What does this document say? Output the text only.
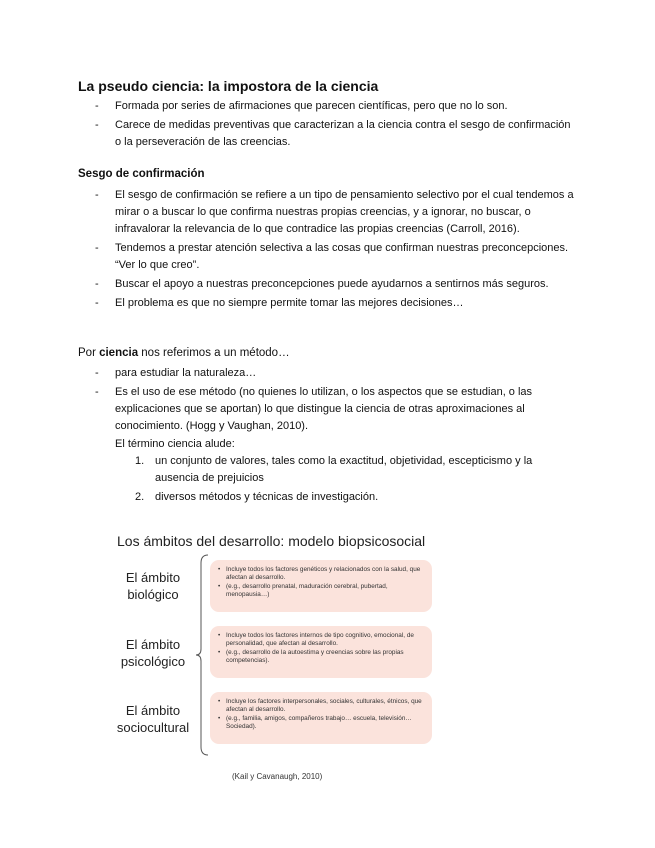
La pseudo ciencia: la impostora de la ciencia
- Formada por series de afirmaciones que parecen científicas, pero que no lo son.
- Carece de medidas preventivas que caracterizan a la ciencia contra el sesgo de confirmación o la perseveración de las creencias.
Sesgo de confirmación
- El sesgo de confirmación se refiere a un tipo de pensamiento selectivo por el cual tendemos a mirar o a buscar lo que confirma nuestras propias creencias, y a ignorar, no buscar, o infravalorar la relevancia de lo que contradice las propias creencias (Carroll, 2016).
- Tendemos a prestar atención selectiva a las cosas que confirman nuestras preconcepciones. “Ver lo que creo”.
- Buscar el apoyo a nuestras preconcepciones puede ayudarnos a sentirnos más seguros.
- El problema es que no siempre permite tomar las mejores decisiones…
Por ciencia nos referimos a un método…
- para estudiar la naturaleza…
- Es el uso de ese método (no quienes lo utilizan, o los aspectos que se estudian, o las explicaciones que se aportan) lo que distingue la ciencia de otras aproximaciones al conocimiento. (Hogg y Vaughan, 2010).
El término ciencia alude:
1. un conjunto de valores, tales como la exactitud, objetividad, escepticismo y la ausencia de prejuicios
2. diversos métodos y técnicas de investigación.
Los ámbitos del desarrollo: modelo biopsicosocial
El ámbito
biológico
• Incluye todos los factores genéticos y relacionados con la salud, que afectan al desarrollo.
• (e.g., desarrollo prenatal, maduración cerebral, pubertad, menopausia…)
El ámbito
psicológico
• Incluye todos los factores internos de tipo cognitivo, emocional, de personalidad, que afectan al desarrollo.
• (e.g., desarrollo de la autoestima y creencias sobre las propias competencias).
El ámbito
sociocultural
• Incluye los factores interpersonales, sociales, culturales, étnicos, que afectan al desarrollo.
• (e.g., familia, amigos, compañeros trabajo… escuela, televisión… Sociedad).
(Kail y Cavanaugh, 2010)
